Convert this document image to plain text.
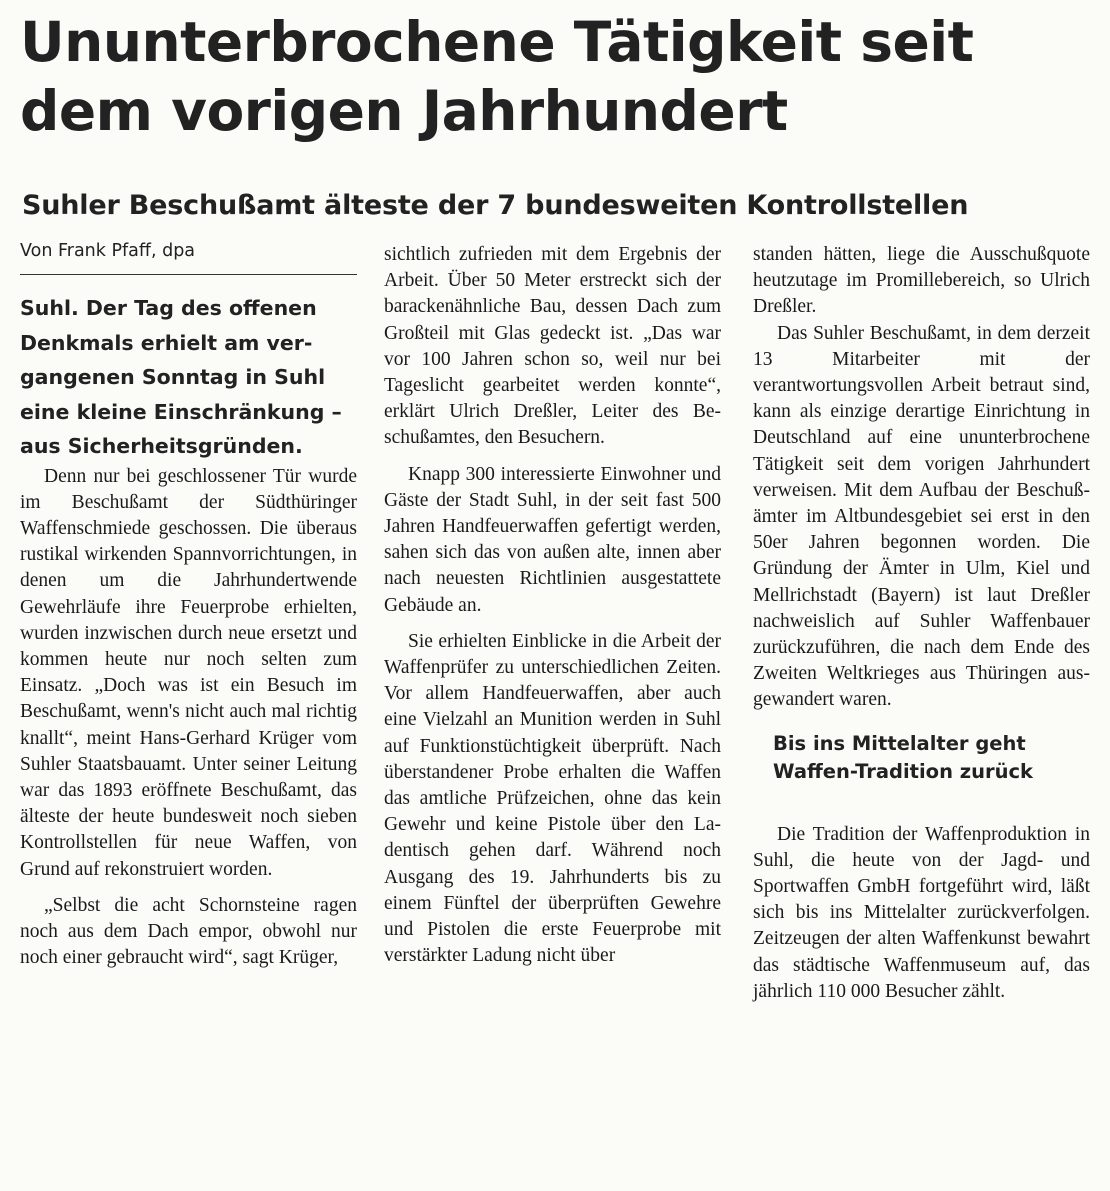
Ununterbrochene Tätigkeit seit dem vorigen Jahrhundert
Suhler Beschußamt älteste der 7 bundesweiten Kontrollstellen

Von Frank Pfaff, dpa

Suhl. Der Tag des offenen Denkmals erhielt am vergangenen Sonntag in Suhl eine kleine Einschränkung – aus Sicherheitsgründen.

Denn nur bei geschlossener Tür wurde im Beschußamt der Südthüringer Waffenschmiede geschossen. Die überaus rustikal wirkenden Spannvorrichtungen, in denen um die Jahrhundertwende Gewehrläufe ihre Feuerprobe erhielten, wurden inzwischen durch neue ersetzt und kommen heute nur noch selten zum Einsatz. „Doch was ist ein Besuch im Beschußamt, wenn's nicht auch mal richtig knallt“, meint Hans-Gerhard Krüger vom Suhler Staatsbauamt. Unter seiner Leitung war das 1893 eröffnete Beschußamt, das älteste der heute bundesweit noch sieben Kontrollstellen für neue Waffen, von Grund auf rekonstruiert worden.

„Selbst die acht Schornsteine ragen noch aus dem Dach empor, obwohl nur noch einer gebraucht wird“, sagt Krüger,

sichtlich zufrieden mit dem Ergebnis der Arbeit. Über 50 Meter erstreckt sich der barackenähnliche Bau, dessen Dach zum Großteil mit Glas gedeckt ist. „Das war vor 100 Jahren schon so, weil nur bei Tageslicht gearbeitet werden konnte“, erklärt Ulrich Dreßler, Leiter des Beschußamtes, den Besuchern.

Knapp 300 interessierte Einwohner und Gäste der Stadt Suhl, in der seit fast 500 Jahren Handfeuerwaffen gefertigt werden, sahen sich das von außen alte, innen aber nach neuesten Richtlinien ausgestattete Gebäude an.

Sie erhielten Einblicke in die Arbeit der Waffenprüfer zu unterschiedlichen Zeiten. Vor allem Handfeuerwaffen, aber auch eine Vielzahl an Munition werden in Suhl auf Funktionstüchtigkeit überprüft. Nach überstandener Probe erhalten die Waffen das amtliche Prüfzeichen, ohne das kein Gewehr und keine Pistole über den Ladentisch gehen darf. Während noch Ausgang des 19. Jahrhunderts bis zu einem Fünftel der überprüften Gewehre und Pistolen die erste Feuerprobe mit verstärkter Ladung nicht über

standen hätten, liege die Ausschußquote heutzutage im Promillebereich, so Ulrich Dreßler.

Das Suhler Beschußamt, in dem derzeit 13 Mitarbeiter mit der verantwortungsvollen Arbeit betraut sind, kann als einzige derartige Einrichtung in Deutschland auf eine ununterbrochene Tätigkeit seit dem vorigen Jahrhundert verweisen. Mit dem Aufbau der Beschußämter im Altbundesgebiet sei erst in den 50er Jahren begonnen worden. Die Gründung der Ämter in Ulm, Kiel und Mellrichstadt (Bayern) ist laut Dreßler nachweislich auf Suhler Waffenbauer zurückzuführen, die nach dem Ende des Zweiten Weltkrieges aus Thüringen ausgewandert waren.

Bis ins Mittelalter geht Waffen-Tradition zurück

Die Tradition der Waffenproduktion in Suhl, die heute von der Jagd- und Sportwaffen GmbH fortgeführt wird, läßt sich bis ins Mittelalter zurückverfolgen. Zeitzeugen der alten Waffenkunst bewahrt das städtische Waffenmuseum auf, das jährlich 110 000 Besucher zählt.
